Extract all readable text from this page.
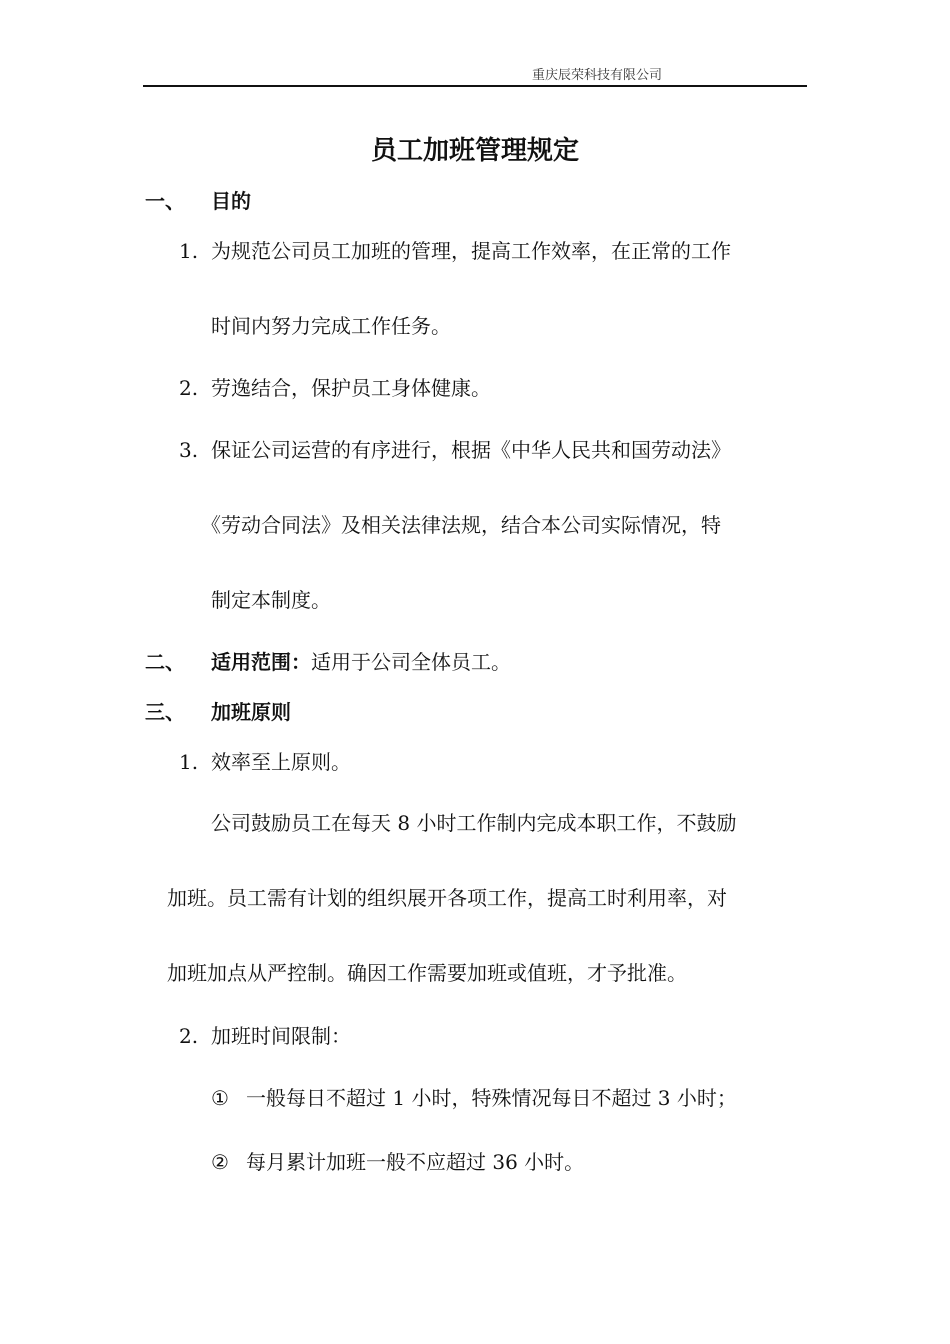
重庆辰荣科技有限公司
员工加班管理规定
一、 目的
1. 为规范公司员工加班的管理，提高工作效率，在正常的工作
时间内努力完成工作任务。
2. 劳逸结合，保护员工身体健康。
3. 保证公司运营的有序进行，根据《中华人民共和国劳动法》
《劳动合同法》及相关法律法规，结合本公司实际情况，特
制定本制度。
二、 适用范围：适用于公司全体员工。
三、 加班原则
1. 效率至上原则。
公司鼓励员工在每天 8 小时工作制内完成本职工作，不鼓励
加班。员工需有计划的组织展开各项工作，提高工时利用率，对
加班加点从严控制。确因工作需要加班或值班，才予批准。
2. 加班时间限制：
① 一般每日不超过 1 小时，特殊情况每日不超过 3 小时；
② 每月累计加班一般不应超过 36 小时。
